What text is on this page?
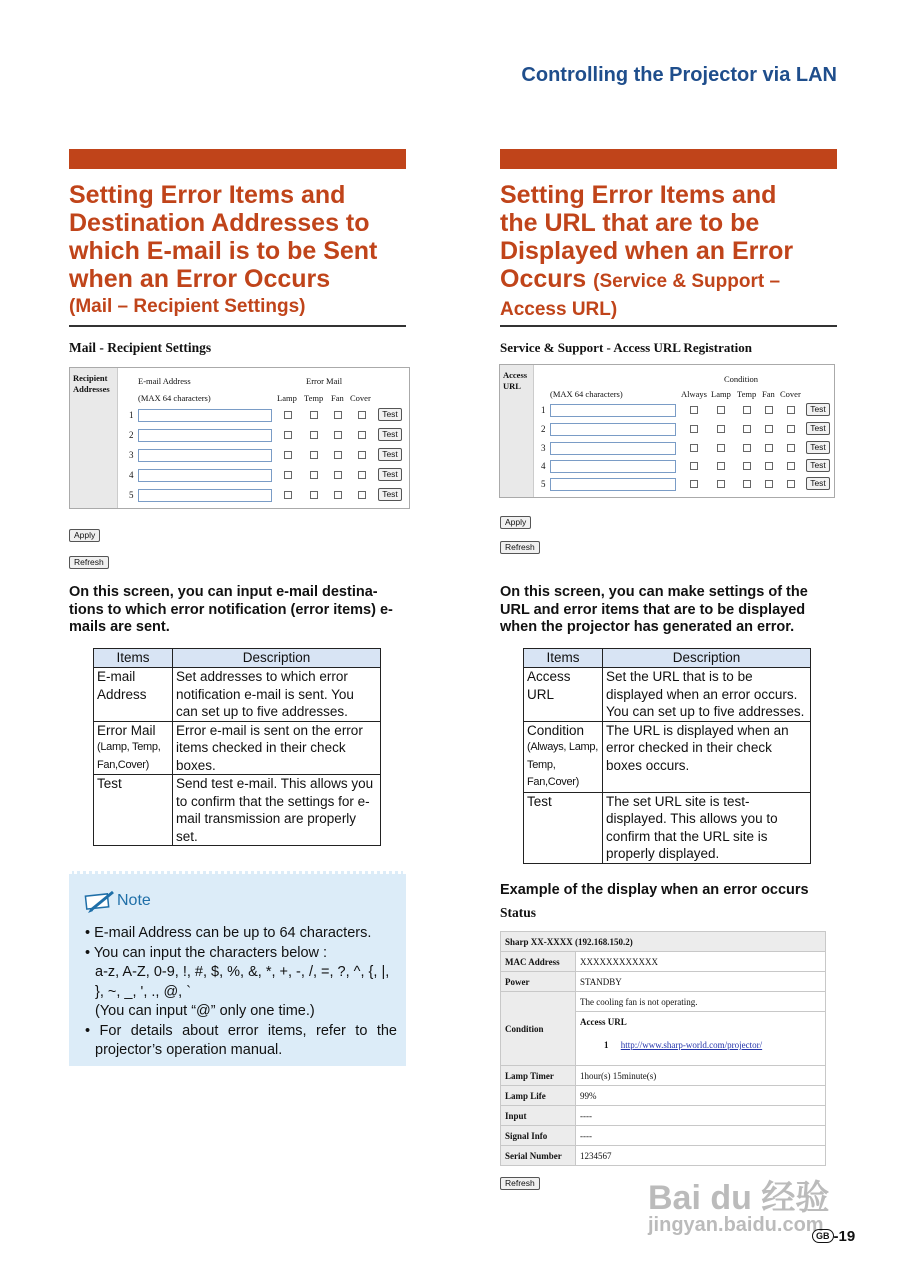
Controlling the Projector via LAN
Setting Error Items and
Destination Addresses to
which E-mail is to be Sent
when an Error Occurs
(Mail – Recipient Settings)
Mail - Recipient Settings
Recipient
Addresses
E-mail Address
(MAX 64 characters)
Error Mail
Lamp Temp Fan Cover
1	Test
2	Test
3	Test
4	Test
5	Test
Apply
Refresh
On this screen, you can input e-mail destina-tions to which error notification (error items) e-mails are sent.
Items	Description
E-mail Address	Set addresses to which error notification e-mail is sent. You can set up to five addresses.

Error Mail
(Lamp, Temp, Fan,Cover)	Error e-mail is sent on the error items checked in their check boxes.
Test	Send test e-mail. This allows you to confirm that the settings for e-mail transmission are properly set.
Note
• E-mail Address can be up to 64 characters.
• You can input the characters below :
a-z, A-Z, 0-9, !, #, $, %, &, *, +, -, /, =, ?, ^, {, |, }, ~, _, ', ., @, `
(You can input “@” only one time.)
• For details about error items, refer to the projector’s operation manual.
Setting Error Items and
the URL that are to be
Displayed when an Error
Occurs (Service & Support –
Access URL)
Service & Support - Access URL Registration
Access
URL
Condition
(MAX 64 characters)	Always Lamp Temp Fan Cover
1	Test
2	Test
3	Test
4	Test
5	Test
Apply
Refresh
On this screen, you can make settings of the URL and error items that are to be displayed when the projector has generated an error.
Items	Description
Access URL	Set the URL that is to be displayed when an error occurs. You can set up to five addresses.

Condition
(Always, Lamp, Temp, Fan,Cover)	The URL is displayed when an error checked in their check boxes occurs.
Test	The set URL site is test-displayed. This allows you to confirm that the URL site is properly displayed.
Example of the display when an error occurs
Status
Sharp XX-XXXX (192.168.150.2)	
MAC Address	XXXXXXXXXXXX
Power	STANDBY
Condition	The cooling fan is not operating.

	Access URL
1 http://www.sharp-world.com/projector/

Lamp Timer	1hour(s) 15minute(s)
Lamp Life	99%
Input	----
Signal Info	----
Serial Number	1234567
Refresh	Bai du 经验
jingyan.baidu.com
GB -19
